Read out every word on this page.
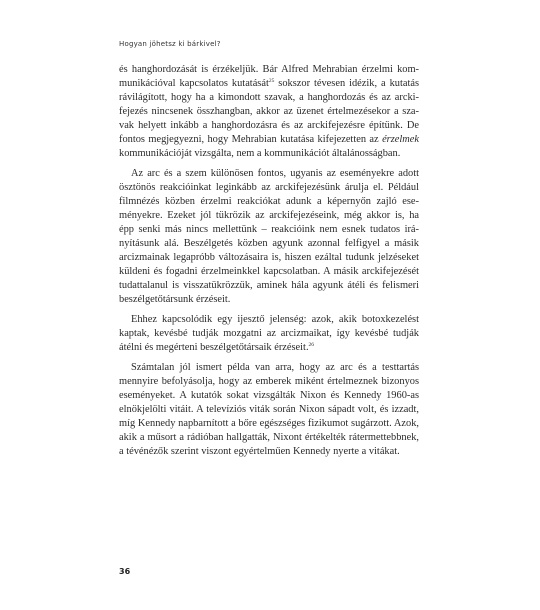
Hogyan jöhetsz ki bárkivel?
és hanghordozását is érzékeljük. Bár Alfred Mehrabian érzelmi kom-
munikációval kapcsolatos kutatását$^{25}$ sokszor tévesen idézik, a kutatás
rávilágított, hogy ha a kimondott szavak, a hanghordozás és az arcki-
fejezés nincsenek összhangban, akkor az üzenet értelmezésekor a sza-
vak helyett inkább a hanghordozásra és az arckifejezésre építünk. De
fontos megjegyezni, hogy Mehrabian kutatása kifejezetten az érzelmek
kommunikációját vizsgálta, nem a kommunikációt általánosságban.
Az arc és a szem különösen fontos, ugyanis az eseményekre adott
ösztönös reakcióinkat leginkább az arckifejezésünk árulja el. Például
filmnézés közben érzelmi reakciókat adunk a képernyőn zajló ese-
ményekre. Ezeket jól tükrözik az arckifejezéseink, még akkor is, ha
épp senki más nincs mellettünk – reakcióink nem esnek tudatos irá-
nyításunk alá. Beszélgetés közben agyunk azonnal felfigyel a másik
arcizmainak legapróbb változásaira is, hiszen ezáltal tudunk jelzéseket
küldeni és fogadni érzelmeinkkel kapcsolatban. A másik arckifejezését
tudattalanul is visszatükrözzük, aminek hála agyunk átéli és felismeri
beszélgetőtársunk érzéseit.
Ehhez kapcsolódik egy ijesztő jelenség: azok, akik botoxkezelést
kaptak, kevésbé tudják mozgatni az arcizmaikat, így kevésbé tudják
átélni és megérteni beszélgetőtársaik érzéseit.$^{26}$
Számtalan jól ismert példa van arra, hogy az arc és a testtartás
mennyire befolyásolja, hogy az emberek miként értelmeznek bizonyos
eseményeket. A kutatók sokat vizsgálták Nixon és Kennedy 1960-as
elnökjelölti vitáit. A televíziós viták során Nixon sápadt volt, és izzadt,
míg Kennedy napbarnított a bőre egészséges fizikumot sugárzott. Azok,
akik a műsort a rádióban hallgatták, Nixont értékelték rátermettebbnek,
a tévénézők szerint viszont egyértelműen Kennedy nyerte a vitákat.
36
